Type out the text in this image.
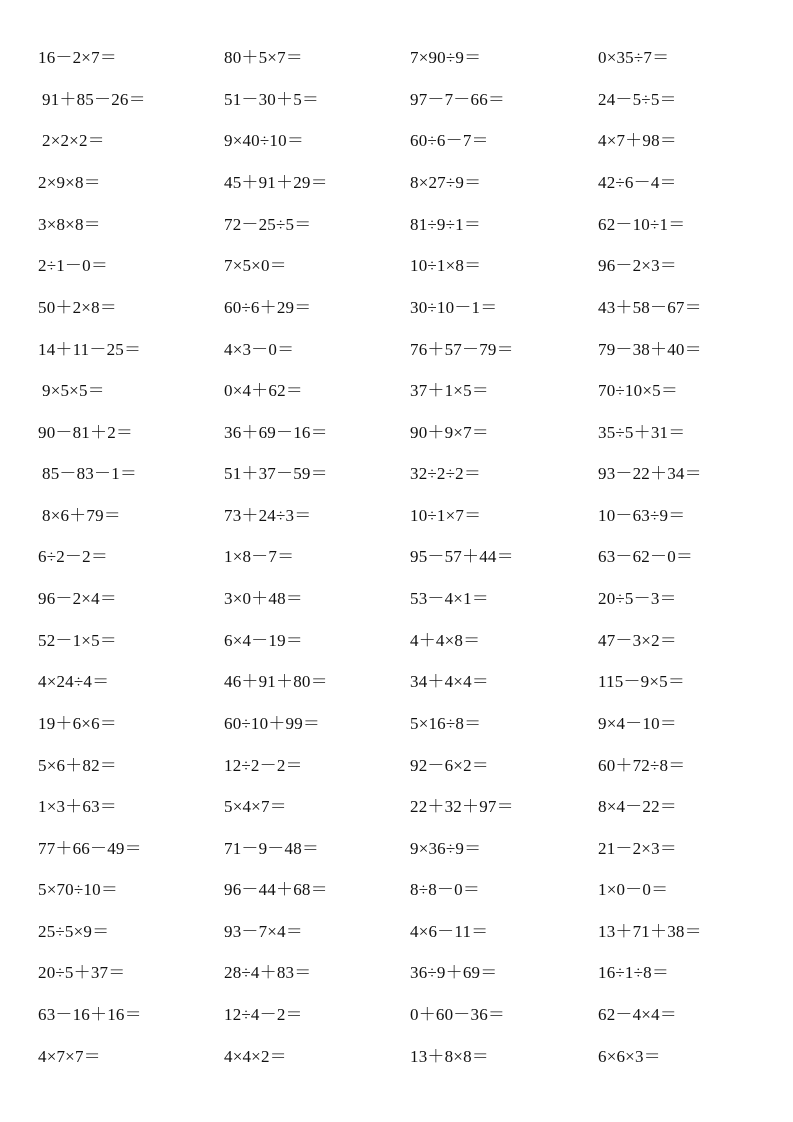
16－2×7＝	80＋5×7＝	7×90÷9＝	0×35÷7＝
91＋85－26＝	51－30＋5＝	97－7－66＝	24－5÷5＝
2×2×2＝	9×40÷10＝	60÷6－7＝	4×7＋98＝
2×9×8＝	45＋91＋29＝	8×27÷9＝	42÷6－4＝
3×8×8＝	72－25÷5＝	81÷9÷1＝	62－10÷1＝
2÷1－0＝	7×5×0＝	10÷1×8＝	96－2×3＝
50＋2×8＝	60÷6＋29＝	30÷10－1＝	43＋58－67＝
14＋11－25＝	4×3－0＝	76＋57－79＝	79－38＋40＝
9×5×5＝	0×4＋62＝	37＋1×5＝	70÷10×5＝
90－81＋2＝	36＋69－16＝	90＋9×7＝	35÷5＋31＝
85－83－1＝	51＋37－59＝	32÷2÷2＝	93－22＋34＝
8×6＋79＝	73＋24÷3＝	10÷1×7＝	10－63÷9＝
6÷2－2＝	1×8－7＝	95－57＋44＝	63－62－0＝
96－2×4＝	3×0＋48＝	53－4×1＝	20÷5－3＝
52－1×5＝	6×4－19＝	4＋4×8＝	47－3×2＝
4×24÷4＝	46＋91＋80＝	34＋4×4＝	115－9×5＝
19＋6×6＝	60÷10＋99＝	5×16÷8＝	9×4－10＝
5×6＋82＝	12÷2－2＝	92－6×2＝	60＋72÷8＝
1×3＋63＝	5×4×7＝	22＋32＋97＝	8×4－22＝
77＋66－49＝	71－9－48＝	9×36÷9＝	21－2×3＝
5×70÷10＝	96－44＋68＝	8÷8－0＝	1×0－0＝
25÷5×9＝	93－7×4＝	4×6－11＝	13＋71＋38＝
20÷5＋37＝	28÷4＋83＝	36÷9＋69＝	16÷1÷8＝
63－16＋16＝	12÷4－2＝	0＋60－36＝	62－4×4＝
4×7×7＝	4×4×2＝	13＋8×8＝	6×6×3＝
